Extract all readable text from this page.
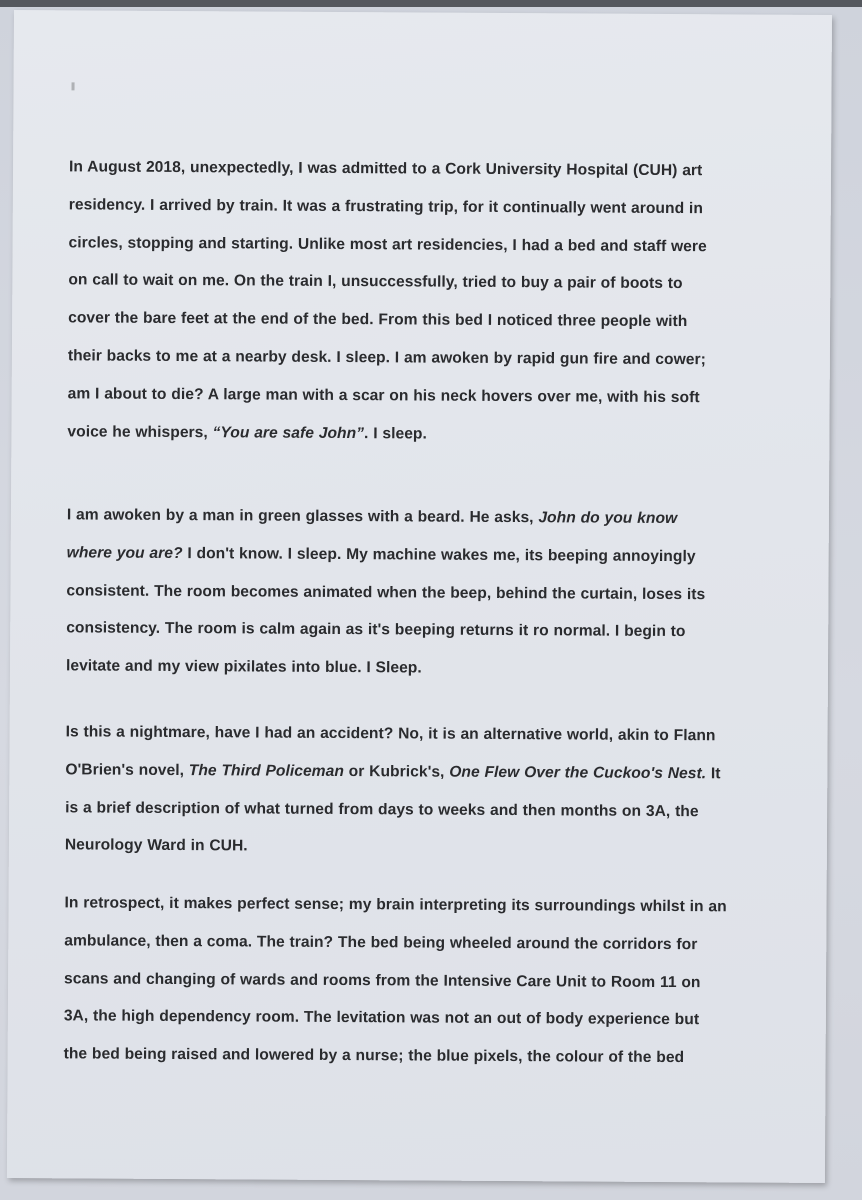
In August 2018, unexpectedly, I was admitted to a Cork University Hospital (CUH) art
residency. I arrived by train. It was a frustrating trip, for it continually went around in
circles, stopping and starting. Unlike most art residencies, I had a bed and staff were
on call to wait on me. On the train I, unsuccessfully, tried to buy a pair of boots to
cover the bare feet at the end of the bed. From this bed I noticed three people with
their backs to me at a nearby desk. I sleep. I am awoken by rapid gun fire and cower;
am I about to die? A large man with a scar on his neck hovers over me, with his soft
voice he whispers, “You are safe John”. I sleep.
I am awoken by a man in green glasses with a beard. He asks, John do you know
where you are? I don't know. I sleep. My machine wakes me, its beeping annoyingly
consistent. The room becomes animated when the beep, behind the curtain, loses its
consistency. The room is calm again as it's beeping returns it ro normal. I begin to
levitate and my view pixilates into blue. I Sleep.
Is this a nightmare, have I had an accident? No, it is an alternative world, akin to Flann
O'Brien's novel, The Third Policeman or Kubrick's, One Flew Over the Cuckoo's Nest. It
is a brief description of what turned from days to weeks and then months on 3A, the
Neurology Ward in CUH.
In retrospect, it makes perfect sense; my brain interpreting its surroundings whilst in an
ambulance, then a coma. The train? The bed being wheeled around the corridors for
scans and changing of wards and rooms from the Intensive Care Unit to Room 11 on
3A, the high dependency room. The levitation was not an out of body experience but
the bed being raised and lowered by a nurse; the blue pixels, the colour of the bed
